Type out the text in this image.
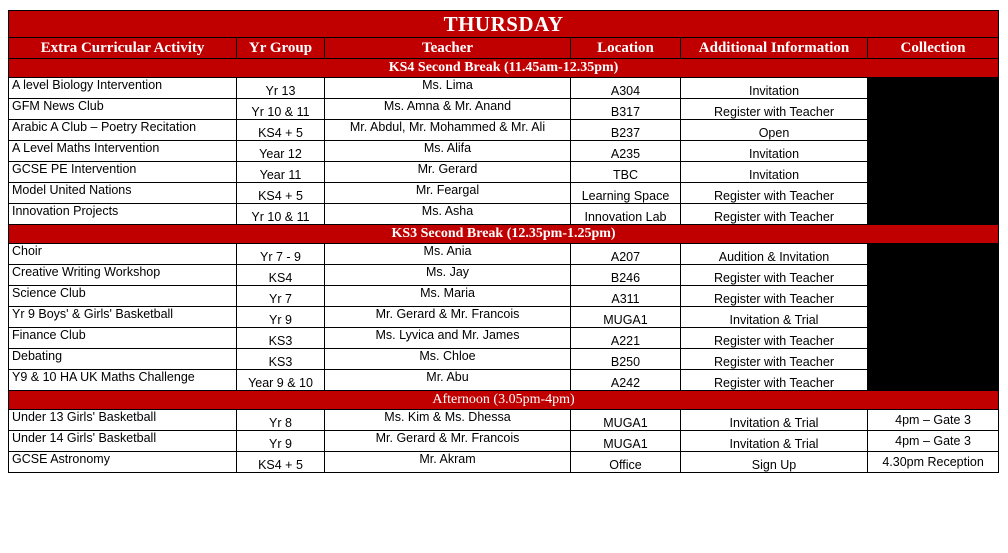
THURSDAY					
Extra Curricular Activity	Yr Group	Teacher	Location	Additional Information	Collection
KS4 Second Break (11.45am-12.35pm)					
A level Biology Intervention	Yr 13	Ms. Lima	A304	Invitation	
GFM News Club	Yr 10 & 11	Ms. Amna & Mr. Anand	B317	Register with Teacher	
Arabic A Club – Poetry Recitation	KS4 + 5	Mr. Abdul, Mr. Mohammed & Mr. Ali	B237	Open	
A Level Maths Intervention	Year 12	Ms. Alifa	A235	Invitation	
GCSE PE Intervention	Year 11	Mr. Gerard	TBC	Invitation	
Model United Nations	KS4 + 5	Mr. Feargal	Learning Space	Register with Teacher	
Innovation Projects	Yr 10 & 11	Ms. Asha	Innovation Lab	Register with Teacher	
KS3 Second Break (12.35pm-1.25pm)					
Choir	Yr 7 - 9	Ms. Ania	A207	Audition & Invitation	
Creative Writing Workshop	KS4	Ms. Jay	B246	Register with Teacher	
Science Club	Yr 7	Ms. Maria	A311	Register with Teacher	
Yr 9 Boys' & Girls' Basketball	Yr 9	Mr. Gerard & Mr. Francois	MUGA1	Invitation & Trial	
Finance Club	KS3	Ms. Lyvica and Mr. James	A221	Register with Teacher	
Debating	KS3	Ms. Chloe	B250	Register with Teacher	
Y9 & 10 HA UK Maths Challenge	Year 9 & 10	Mr. Abu	A242	Register with Teacher	
Afternoon (3.05pm-4pm)					
Under 13 Girls' Basketball	Yr 8	Ms. Kim & Ms. Dhessa	MUGA1	Invitation & Trial	4pm – Gate 3
Under 14 Girls' Basketball	Yr 9	Mr. Gerard & Mr. Francois	MUGA1	Invitation & Trial	4pm – Gate 3
GCSE Astronomy	KS4 + 5	Mr. Akram	Office	Sign Up	4.30pm Reception
